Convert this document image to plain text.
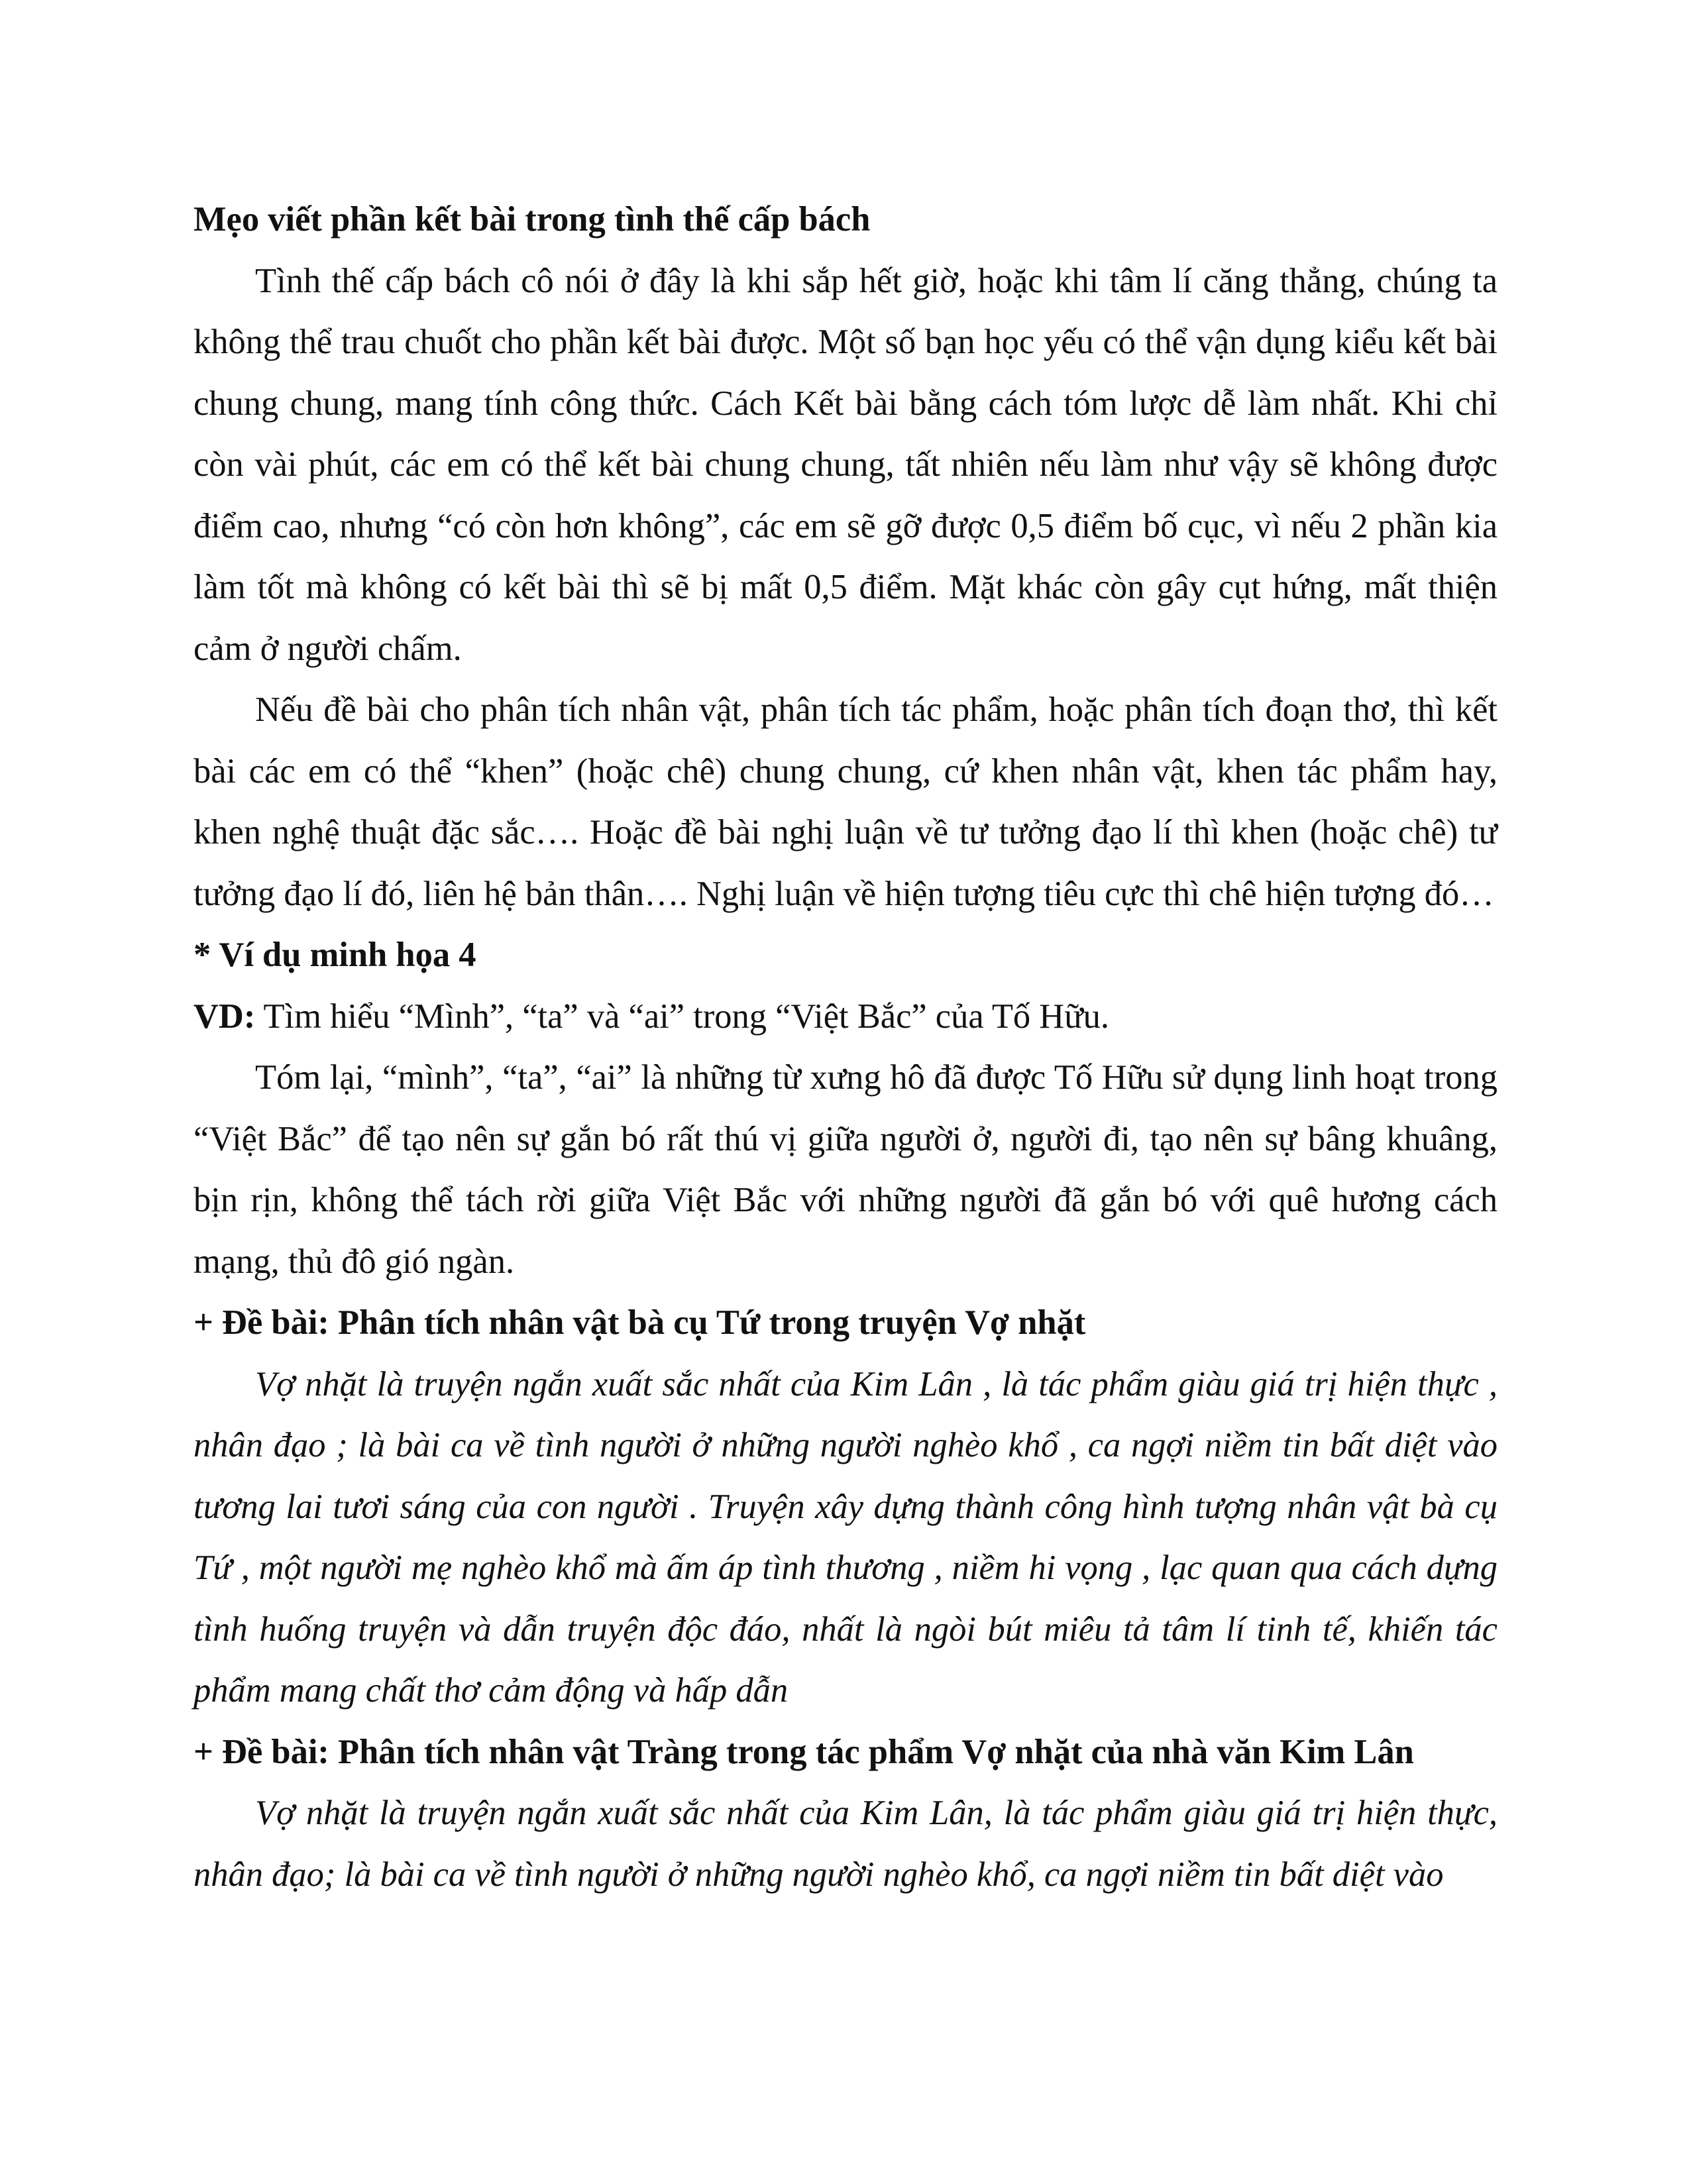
Mẹo viết phần kết bài trong tình thế cấp bách

Tình thế cấp bách cô nói ở đây là khi sắp hết giờ, hoặc khi tâm lí căng thẳng, chúng ta không thể trau chuốt cho phần kết bài được. Một số bạn học yếu có thể vận dụng kiểu kết bài chung chung, mang tính công thức. Cách Kết bài bằng cách tóm lược dễ làm nhất. Khi chỉ còn vài phút, các em có thể kết bài chung chung, tất nhiên nếu làm như vậy sẽ không được điểm cao, nhưng “có còn hơn không”, các em sẽ gỡ được 0,5 điểm bố cục, vì nếu 2 phần kia làm tốt mà không có kết bài thì sẽ bị mất 0,5 điểm. Mặt khác còn gây cụt hứng, mất thiện cảm ở người chấm.

Nếu đề bài cho phân tích nhân vật, phân tích tác phẩm, hoặc phân tích đoạn thơ, thì kết bài các em có thể “khen” (hoặc chê) chung chung, cứ khen nhân vật, khen tác phẩm hay, khen nghệ thuật đặc sắc…. Hoặc đề bài nghị luận về tư tưởng đạo lí thì khen (hoặc chê) tư tưởng đạo lí đó, liên hệ bản thân…. Nghị luận về hiện tượng tiêu cực thì chê hiện tượng đó…

* Ví dụ minh họa 4

VD: Tìm hiểu “Mình”, “ta” và “ai” trong “Việt Bắc” của Tố Hữu.

Tóm lại, “mình”, “ta”, “ai” là những từ xưng hô đã được Tố Hữu sử dụng linh hoạt trong “Việt Bắc” để tạo nên sự gắn bó rất thú vị giữa người ở, người đi, tạo nên sự bâng khuâng, bịn rịn, không thể tách rời giữa Việt Bắc với những người đã gắn bó với quê hương cách mạng, thủ đô gió ngàn.

+ Đề bài: Phân tích nhân vật bà cụ Tứ trong truyện Vợ nhặt

Vợ nhặt là truyện ngắn xuất sắc nhất của Kim Lân , là tác phẩm giàu giá trị hiện thực , nhân đạo ; là bài ca về tình người ở những người nghèo khổ , ca ngợi niềm tin bất diệt vào tương lai tươi sáng của con người . Truyện xây dựng thành công hình tượng nhân vật bà cụ Tứ , một người mẹ nghèo khổ mà ấm áp tình thương , niềm hi vọng , lạc quan qua cách dựng tình huống truyện và dẫn truyện độc đáo, nhất là ngòi bút miêu tả tâm lí tinh tế, khiến tác phẩm mang chất thơ cảm động và hấp dẫn

+ Đề bài: Phân tích nhân vật Tràng trong tác phẩm Vợ nhặt của nhà văn Kim Lân

Vợ nhặt là truyện ngắn xuất sắc nhất của Kim Lân, là tác phẩm giàu giá trị hiện thực, nhân đạo; là bài ca về tình người ở những người nghèo khổ, ca ngợi niềm tin bất diệt vào
